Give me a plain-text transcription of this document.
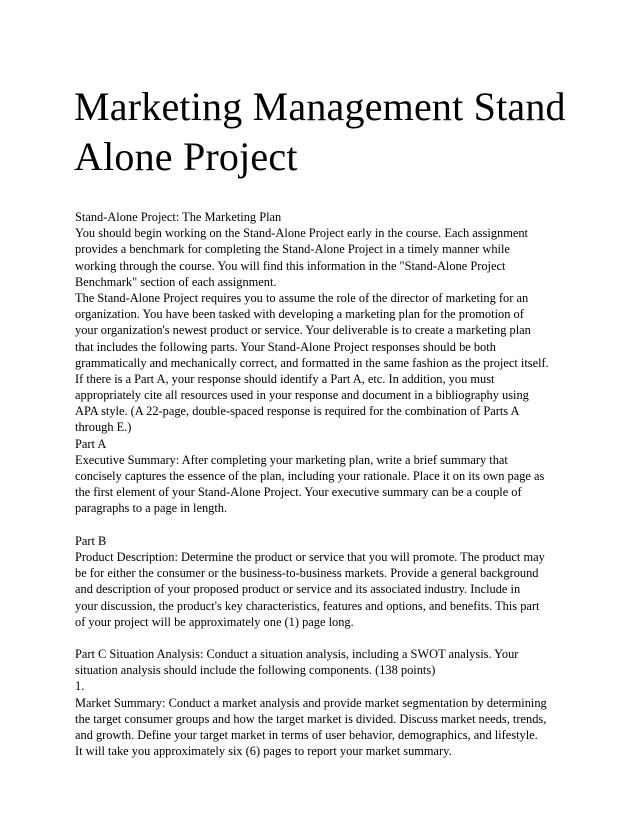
Marketing Management Stand
Alone Project
Stand-Alone Project: The Marketing Plan
You should begin working on the Stand-Alone Project early in the course. Each assignment
provides a benchmark for completing the Stand-Alone Project in a timely manner while
working through the course. You will find this information in the "Stand-Alone Project
Benchmark" section of each assignment.
The Stand-Alone Project requires you to assume the role of the director of marketing for an
organization. You have been tasked with developing a marketing plan for the promotion of
your organization's newest product or service. Your deliverable is to create a marketing plan
that includes the following parts. Your Stand-Alone Project responses should be both
grammatically and mechanically correct, and formatted in the same fashion as the project itself.
If there is a Part A, your response should identify a Part A, etc. In addition, you must
appropriately cite all resources used in your response and document in a bibliography using
APA style. (A 22-page, double-spaced response is required for the combination of Parts A
through E.)
Part A
Executive Summary: After completing your marketing plan, write a brief summary that
concisely captures the essence of the plan, including your rationale. Place it on its own page as
the first element of your Stand-Alone Project. Your executive summary can be a couple of
paragraphs to a page in length.
Part B
Product Description: Determine the product or service that you will promote. The product may
be for either the consumer or the business-to-business markets. Provide a general background
and description of your proposed product or service and its associated industry. Include in
your discussion, the product's key characteristics, features and options, and benefits. This part
of your project will be approximately one (1) page long.
Part C Situation Analysis: Conduct a situation analysis, including a SWOT analysis. Your
situation analysis should include the following components. (138 points)
1.
Market Summary: Conduct a market analysis and provide market segmentation by determining
the target consumer groups and how the target market is divided. Discuss market needs, trends,
and growth. Define your target market in terms of user behavior, demographics, and lifestyle.
It will take you approximately six (6) pages to report your market summary.
